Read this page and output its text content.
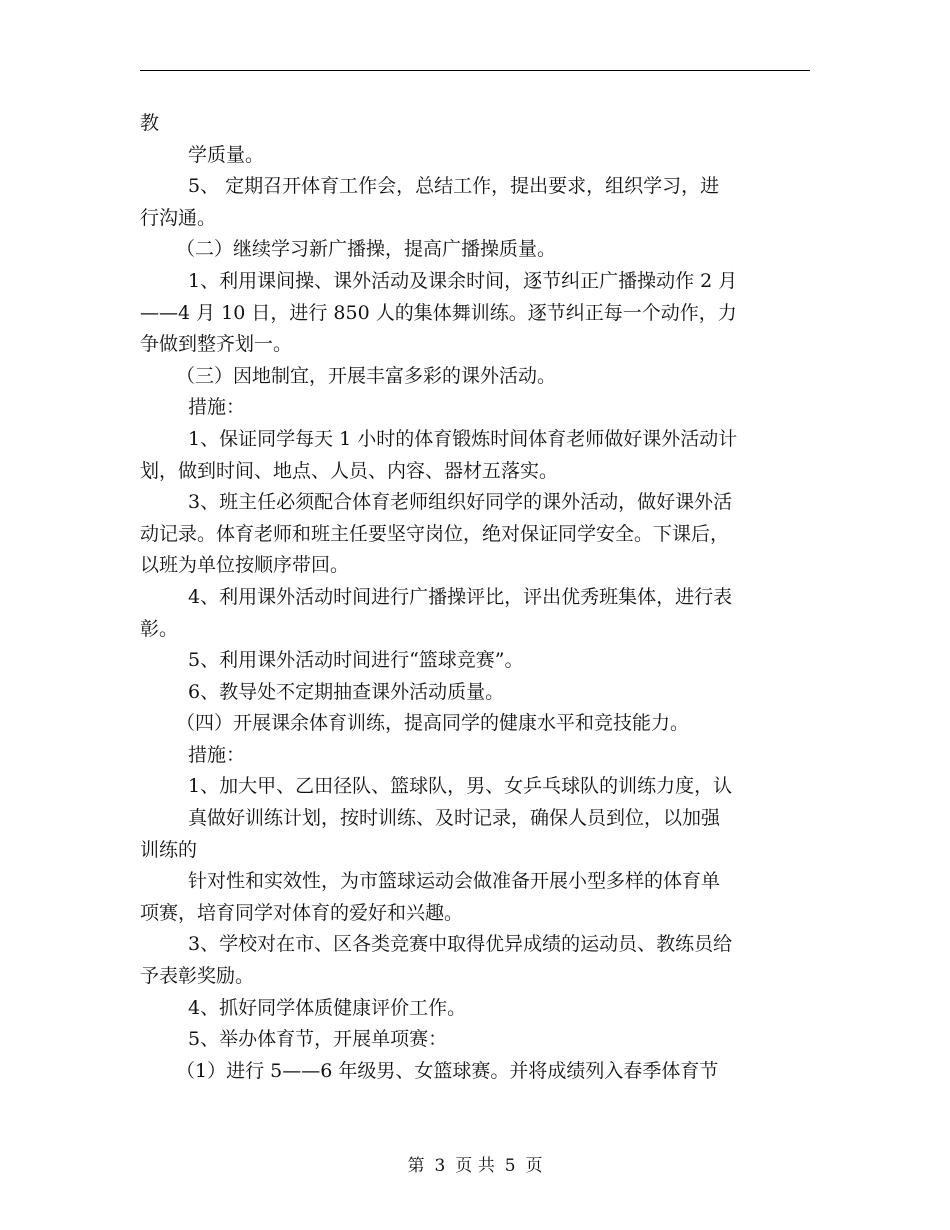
教
学质量。
5、 定期召开体育工作会，总结工作，提出要求，组织学习，进
行沟通。
（二）继续学习新广播操，提高广播操质量。
1、利用课间操、课外活动及课余时间，逐节纠正广播操动作 2 月
——4 月 10 日，进行 850 人的集体舞训练。逐节纠正每一个动作，力
争做到整齐划一。
（三）因地制宜，开展丰富多彩的课外活动。
措施：
1、保证同学每天 1 小时的体育锻炼时间体育老师做好课外活动计
划，做到时间、地点、人员、内容、器材五落实。
3、班主任必须配合体育老师组织好同学的课外活动，做好课外活
动记录。体育老师和班主任要坚守岗位，绝对保证同学安全。下课后，
以班为单位按顺序带回。
4、利用课外活动时间进行广播操评比，评出优秀班集体，进行表
彰。
5、利用课外活动时间进行“篮球竞赛”。
6、教导处不定期抽查课外活动质量。
（四）开展课余体育训练，提高同学的健康水平和竞技能力。
措施：
1、加大甲、乙田径队、篮球队，男、女乒乓球队的训练力度，认
真做好训练计划，按时训练、及时记录，确保人员到位，以加强
训练的
针对性和实效性，为市篮球运动会做准备开展小型多样的体育单
项赛，培育同学对体育的爱好和兴趣。
3、学校对在市、区各类竞赛中取得优异成绩的运动员、教练员给
予表彰奖励。
4、抓好同学体质健康评价工作。
5、举办体育节，开展单项赛：
（1）进行 5——6 年级男、女篮球赛。并将成绩列入春季体育节
第 3 页 共 5 页
